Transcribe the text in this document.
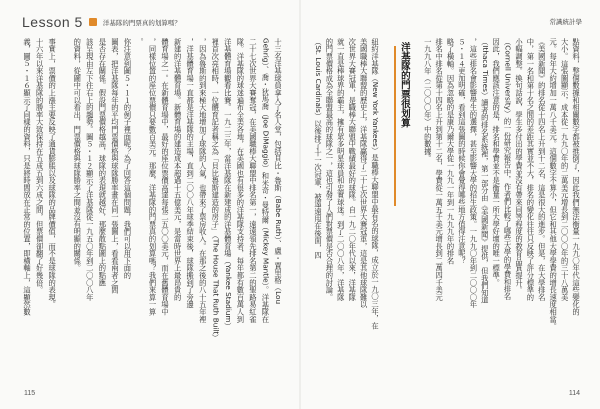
Lesson 5	洋基隊的門票真的划算嗎？
十三名洋基球員拿入了名人堂，包括貝比・魯斯（Babe Ruth）、盧・賈里格（Lou
Gehrig）、喬・狄馬喬（Joe DiMaggio）和米奇・曼特爾（Mickey Mantle）。洋基隊在
二十七次世界大賽奪冠，在美國職棒大聯盟中排名第一，遠遠領先排名第二的聖路易紅雀
隊。洋基隊的球迷遍布全美各地，在美國也有很多的洋基隊支持者，每年都有數百萬人到
洋基體育場觀看比賽。一九二三年，當洋基隊在新建成的洋基體育場（Yankee Stadium）
裡首次亮相時，一位體育記者稱之為「貝比魯斯建造的房子」（The House That Ruth Built）
，因為魯斯的到來極大地增加了球隊的人氣，也帶來了票房收入。在那之後的八十五年裡
，洋基體育場一直都是洋基隊的主場，直到二〇〇八年球季結束後，球隊搬到了旁邊
新建的洋基體育場。新體育場的建造成本超過十五億美元，是當時世界上最昂貴的
體育場之一。在新體育場中，最好的座位票價高達每張二五〇〇美元，而在舊體育場中
，同樣位置的座位票價只要數百美元。那麼，洋基隊的門票真的划算嗎？我們來算一算
。
你注意到圖５・１１的例子裡面呢？為了回答這個問題，我們可以用下面的
圖表，把洋基隊每年的平均門票價格與球隊勝率畫在同一張圖上，看看兩者之間
是否存在關係。假設門票價格越高，球隊的表現就越好，那麼散點圖上的點應
該呈現由左下往右上的趨勢。圖５・１２顯示了洋基隊從一九五〇年到二〇〇八年
的資料，從圖中可以看出，門票價格與球隊勝率之間並沒有明顯的關係。
事實上，票價的上漲主要反映了通貨膨脹以及球隊的品牌價值，而不是球隊的表現。
十六年以來洋基隊的勝率大致保持在五成五到六成之間，但票價卻翻了好幾倍。
義，圖５・１６顯示了同樣的資料，只是將時間放在正常的位置，即橫軸上，這顯然數
115
常識統計學
點資料，整個數據和相關數字都被推倒了，因此我們無法衡量一九九〇年代這些變化的
大小。這張圖顯示，成本從一九九〇年的二萬美元增長到二〇〇〇年的三十八萬美
元。每年大約增加一萬八千美元。這個數字不算小，但它和其他大學學費的增長速度相當。
《美國新聞》的排名從十四名上升到十二名，這是很大的進步。但是，在大學排名
中，第一名和第十名之間的差距其實並不大，排名的變化往往只反映了評分標準的
小幅調整。換句話說，學生多付出的學費並沒有帶來同等程度的教育品質提升。
（Cornell University）的一份研究報告中，作者們比較了哪些大學的學費和排名
因此，我們應該注意的是，排名和學費並不是衡量一所大學好壞的唯一標準。
（Ithaca Times）讀者的排名系統裡，第一部分由《美國新聞》提供，但我們知道
，這些排名會影響學生的選擇，甚至影響大學的招生政策。一九九〇年到二〇〇〇年
５・１４更加明確，看到這張圖的時候你會覺得哪些地方值得注意呢？
略了橫軸。因為忽略的是康乃爾大學從一九九一年到一九九九年的排名
排名中排名從第十四名上升到第十二名，學費從一萬五千美元增長到二萬四千美元
一九九八年（二〇〇〇年）中的數據。
洋基隊的門票很划算
紐約洋基隊（New York Yankees）是職棒大聯盟中最有名的球隊，成立於一九〇三年，在
美國職棒大聯盟的歷史上，洋基隊贏得了二十七次世界大賽冠軍，這是其他球隊難以
次世界大賽冠軍，是職棒大聯盟中戰績最好的球隊。自一九二〇年代以來，洋基隊
就一直是棒球界的霸主，擁有眾多明星球員和忠實球迷。到了二〇〇八年，洋基隊
的門票價格成為全聯盟最高的球隊之一，這也引發了人們對票價是否合理的討論。
（St. Louis Cardinals）以後排了十一次冠軍，被遠遠甩在後面，四
114
